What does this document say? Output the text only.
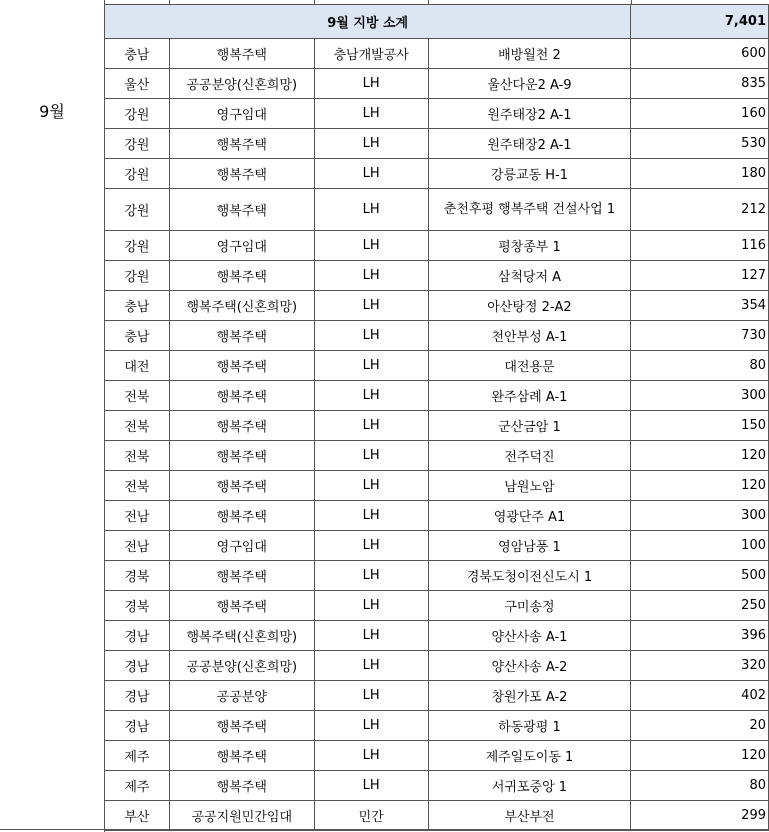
9월
9월 지방 소계				7,401
충남	행복주택	충남개발공사	배방월천 2	600
울산	공공분양(신혼희망)	LH	울산다운2 A-9	835
강원	영구임대	LH	원주태장2 A-1	160
강원	행복주택	LH	원주태장2 A-1	530
강원	행복주택	LH	강릉교동 H-1	180
강원	행복주택	LH	춘천후평 행복주택 건설사업 1	212
강원	영구임대	LH	평창종부 1	116
강원	행복주택	LH	삼척당저 A	127
충남	행복주택(신혼희망)	LH	아산탕정 2-A2	354
충남	행복주택	LH	천안부성 A-1	730
대전	행복주택	LH	대전용문	80
전북	행복주택	LH	완주삼례 A-1	300
전북	행복주택	LH	군산금암 1	150
전북	행복주택	LH	전주덕진	120
전북	행복주택	LH	남원노암	120
전남	행복주택	LH	영광단주 A1	300
전남	영구임대	LH	영암남풍 1	100
경북	행복주택	LH	경북도청이전신도시 1	500
경북	행복주택	LH	구미송정	250
경남	행복주택(신혼희망)	LH	양산사송 A-1	396
경남	공공분양(신혼희망)	LH	양산사송 A-2	320
경남	공공분양	LH	창원가포 A-2	402
경남	행복주택	LH	하동광평 1	20
제주	행복주택	LH	제주일도이동 1	120
제주	행복주택	LH	서귀포중앙 1	80
부산	공공지원민간임대	민간	부산부전	299
